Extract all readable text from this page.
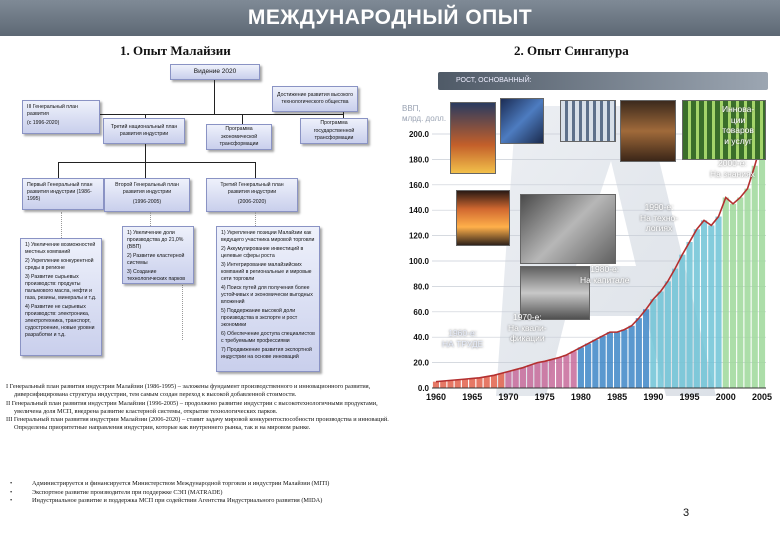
МЕЖДУНАРОДНЫЙ ОПЫТ
1. Опыт Малайзии	2. Опыт Сингапура
Видение 2020
Достижение развития высокого технологического общества

III Генеральный план развития

(с 1996-2020)

Третий национальный план развития индустрии
Программа экономической трансформации
Программа государственной трансформации

Первый Генеральный план развития индустрии (1986-1995)

Второй Генеральный план развития индустрии

(1996-2005)

Третий Генеральный план развития индустрии

(2006-2020)

1) Увеличение возможностей местных компаний

2) Укрепление конкурентной среды в регионе

3) Развитие сырьевых производств: продукты пальмового масла, нефти и газа, резины, минералы и т.д.

4) Развитие не сырьевых производств: электроника, электротехника, транспорт, судостроение, новые уровни разработки и т.д.

1) Увеличение доли производства до 21,0% (ВВП)

2) Развитие кластерной системы

3) Создание технологических парков

1) Укрепление позиции Малайзии как ведущего участника мировой торговли

2) Аккумулирование инвестиций в целевые сферы роста

3) Интегрирование малайзийских компаний в региональные и мировые сети торговли

4) Поиск путей для получения более устойчивых и экономически выгодных вложений

5) Поддержание высокой доли производства в экспорте и рост экономики

6) Обеспечение доступа специалистов с требуемыми профессиями

7) Продвижение развития экспортной индустрии на основе инноваций

I Генеральный план развития индустрии Малайзии (1986-1995) – заложены фундамент производственного и инновационного развития, диверсифицирована структура индустрии, тем самым создан переход к высокой добавленной стоимости.

II Генеральный план развития индустрии Малайзии (1996-2005) – продолжено развитие индустрии с высокотехнологичными продуктами, увеличена доля МСП, внедрена развитие кластерной системы, открытие технологических парков.

III Генеральный план развития индустрии Малайзии (2006-2020) – ставит задачу мировой конкурентоспособности производства и инноваций. Определены приоритетные направления индустрии, которые как внутреннего рынка, так и на мировом рынке.

• Администрируется и финансируется Министерством Международной торговли и индустрии Малайзии (MITI)
• Экспортное развитие производителя при поддержке СЭП (MATRADE)
• Индустриальное развитие и поддержка МСП при содействии Агентства Индустриального развития (MIDA)
0.0
20.0
40.0
60.0
80.0
100.0
120.0
140.0
160.0
180.0
200.0
1960 1965 1970 1975 1980 1985 1990 1995 2000 2005
РОСТ, ОСНОВАННЫЙ:
ВВП,
млрд. долл.
1960-е:
НА ТРУДЕ
1970-е:
На квали-
фикации
1980-е:
На капитале
1990-е:
На техно-
логиях
2000-е:
На знаниях
Иннова-
ции
товаров
и услуг
3
